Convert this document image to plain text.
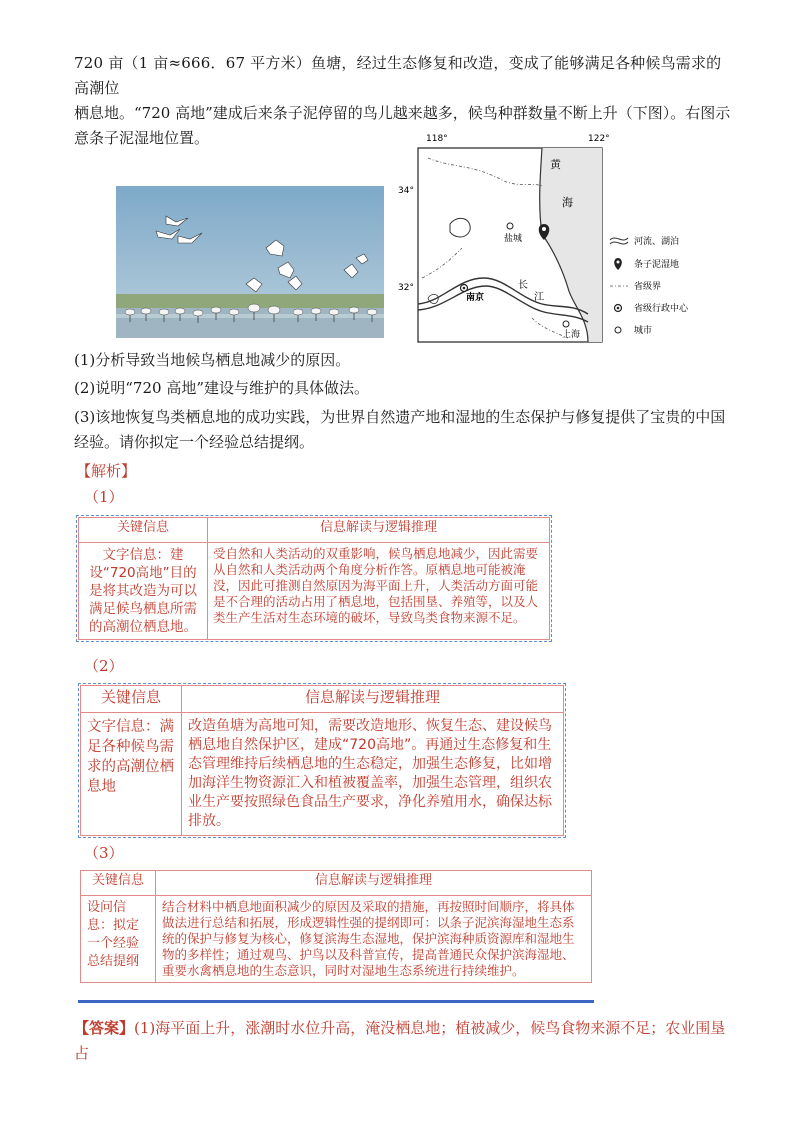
720 亩（1 亩≈666．67 平方米）鱼塘，经过生态修复和改造，变成了能够满足各种候鸟需求的高潮位
栖息地。“720 高地”建成后来条子泥停留的鸟儿越来越多，候鸟种群数量不断上升（下图）。右图示
意条子泥湿地位置。	118°	122°
34°
32°
黄
海
盐城
南京
上海
长
江
河流、湖泊
条子泥湿地
省级界
省级行政中心
城市
(1)分析导致当地候鸟栖息地减少的原因。
(2)说明“720 高地”建设与维护的具体做法。
(3)该地恢复鸟类栖息地的成功实践，为世界自然遗产地和湿地的生态保护与修复提供了宝贵的中国
经验。请你拟定一个经验总结提纲。
【解析】
（1）
关键信息	信息解读与逻辑推理
文字信息：建设“720高地”目的是将其改造为可以满足候鸟栖息所需的高潮位栖息地。	受自然和人类活动的双重影响，候鸟栖息地减少，因此需要从自然和人类活动两个角度分析作答。原栖息地可能被淹没，因此可推测自然原因为海平面上升，人类活动方面可能是不合理的活动占用了栖息地，包括围垦、养殖等，以及人类生产生活对生态环境的破坏，导致鸟类食物来源不足。
（2）
关键信息	信息解读与逻辑推理
文字信息：满足各种候鸟需求的高潮位栖息地	改造鱼塘为高地可知，需要改造地形、恢复生态、建设候鸟栖息地自然保护区，建成“720高地”。再通过生态修复和生态管理维持后续栖息地的生态稳定，加强生态修复，比如增加海洋生物资源汇入和植被覆盖率，加强生态管理，组织农业生产要按照绿色食品生产要求，净化养殖用水，确保达标排放。
（3）
关键信息	信息解读与逻辑推理
设问信息：拟定一个经验总结提纲	结合材料中栖息地面积减少的原因及采取的措施，再按照时间顺序，将具体做法进行总结和拓展，形成逻辑性强的提纲即可：以条子泥滨海湿地生态系统的保护与修复为核心，修复滨海生态湿地，保护滨海种质资源库和湿地生物的多样性；通过观鸟、护鸟以及科普宣传，提高普通民众保护滨海湿地、重要水禽栖息地的生态意识，同时对湿地生态系统进行持续维护。
【答案】(1)海平面上升，涨潮时水位升高，淹没栖息地；植被减少，候鸟食物来源不足；农业围垦
占
